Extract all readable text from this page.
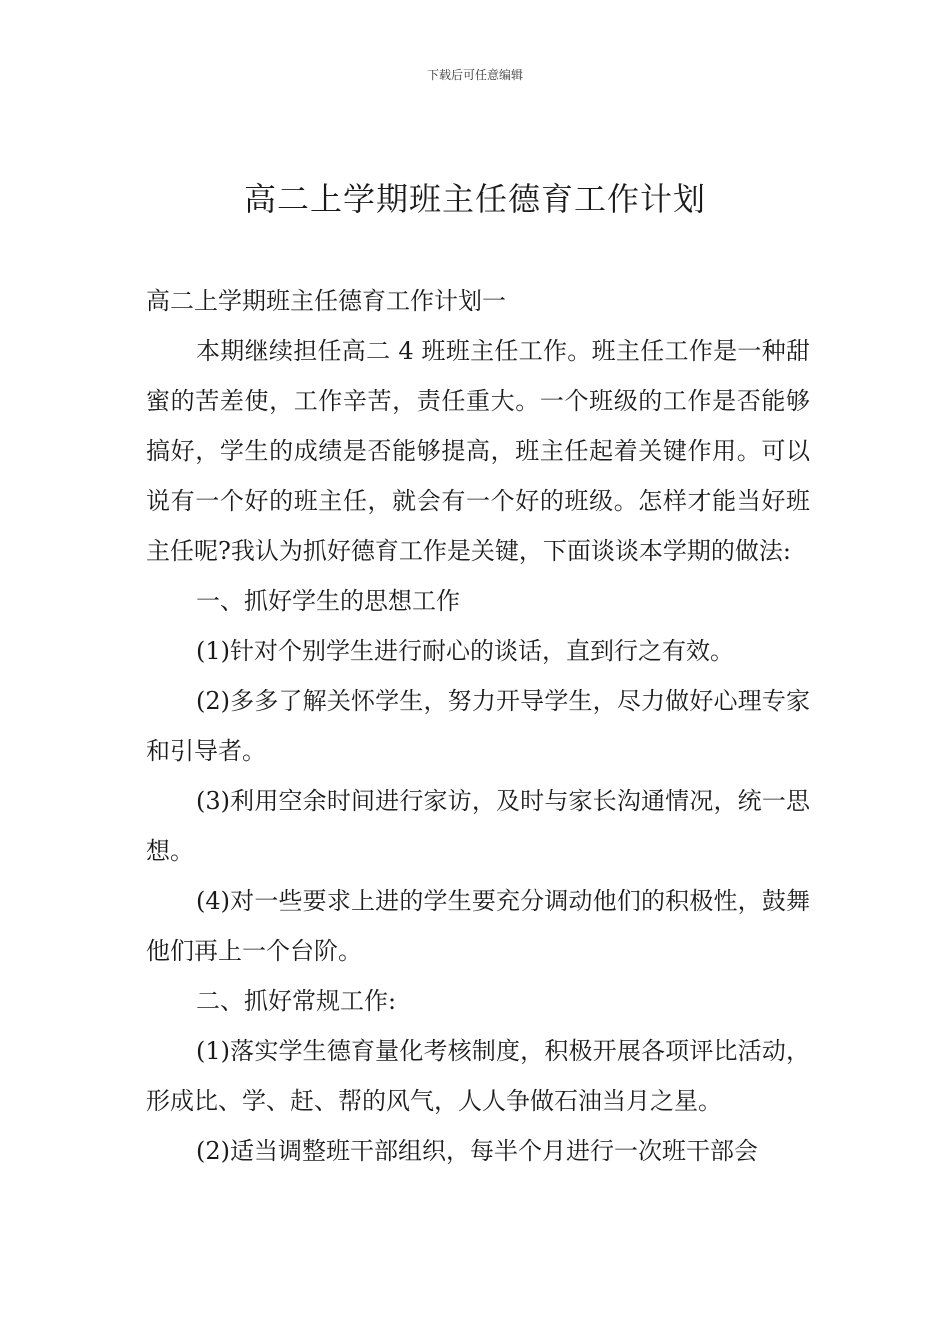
下载后可任意编辑
高二上学期班主任德育工作计划

高二上学期班主任德育工作计划一

本期继续担任高二 4 班班主任工作。班主任工作是一种甜蜜的苦差使，工作辛苦，责任重大。一个班级的工作是否能够搞好，学生的成绩是否能够提高，班主任起着关键作用。可以说有一个好的班主任，就会有一个好的班级。怎样才能当好班主任呢?我认为抓好德育工作是关键，下面谈谈本学期的做法:

一、抓好学生的思想工作

(1)针对个别学生进行耐心的谈话，直到行之有效。

(2)多多了解关怀学生，努力开导学生，尽力做好心理专家和引导者。

(3)利用空余时间进行家访，及时与家长沟通情况，统一思想。

(4)对一些要求上进的学生要充分调动他们的积极性，鼓舞他们再上一个台阶。

二、抓好常规工作:

(1)落实学生德育量化考核制度，积极开展各项评比活动，形成比、学、赶、帮的风气，人人争做石油当月之星。

(2)适当调整班干部组织，每半个月进行一次班干部会
